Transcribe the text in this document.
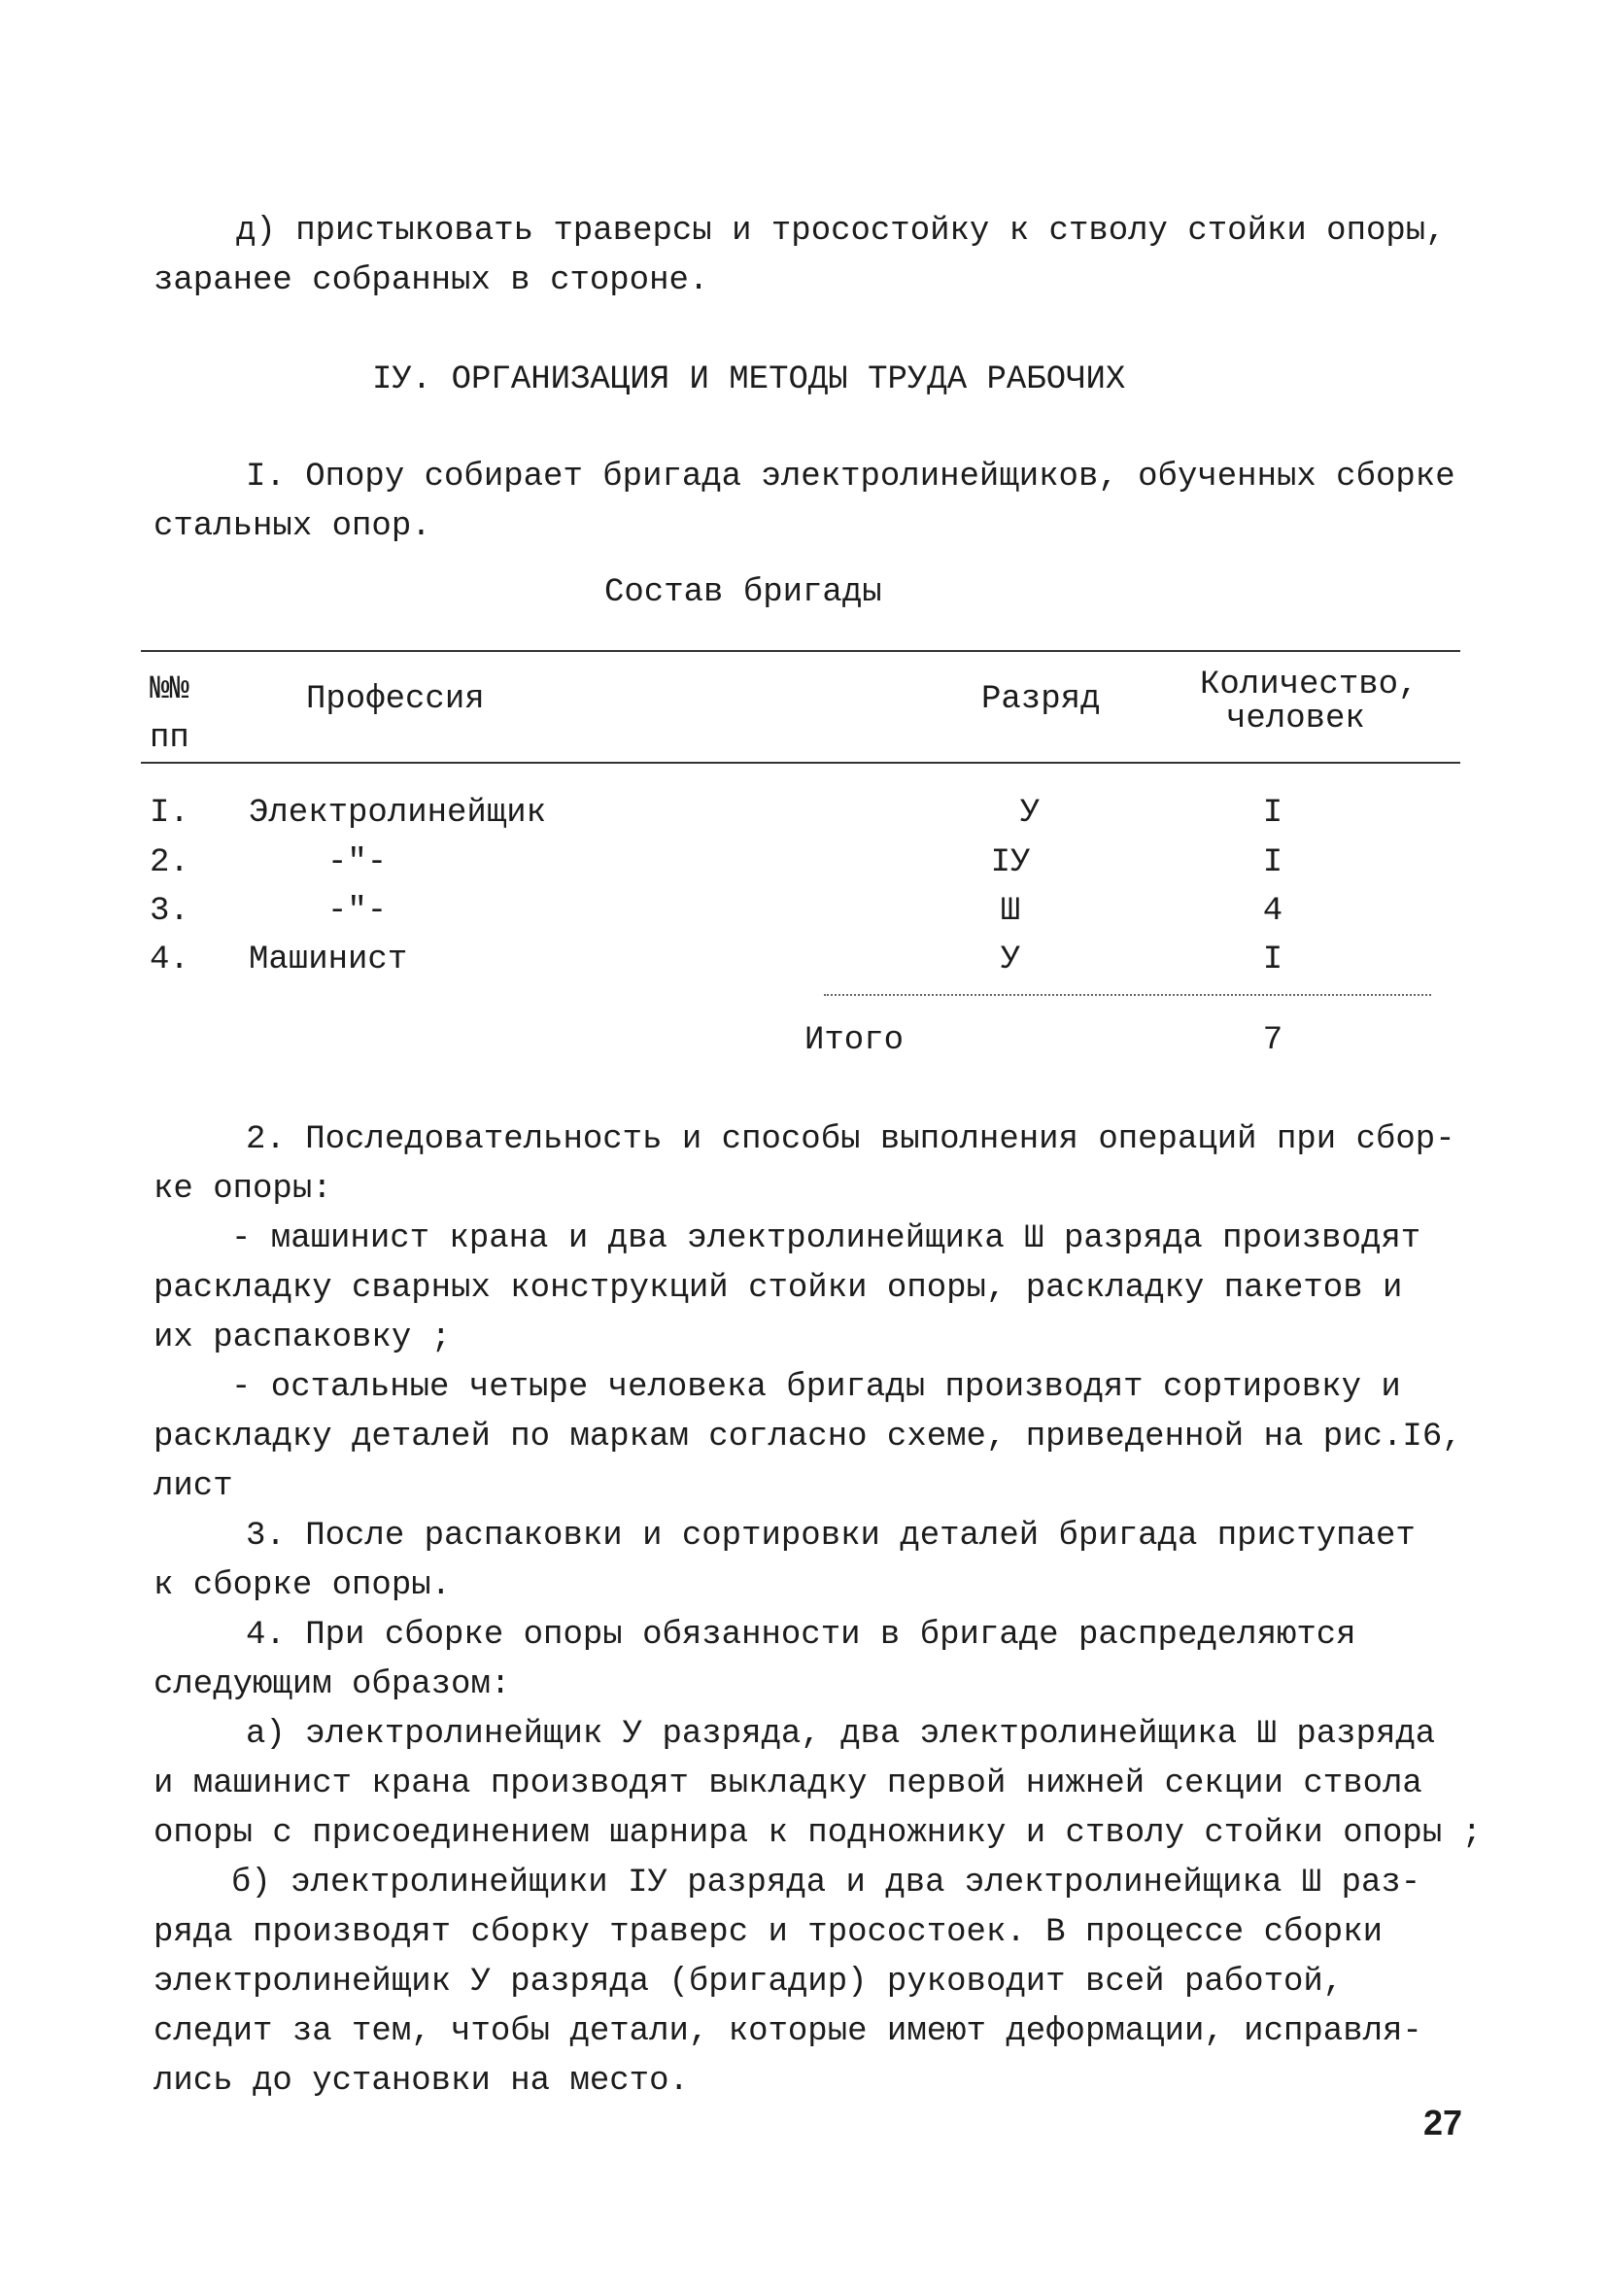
д) пристыковать траверсы и тросостойку к стволу стойки опоры,
заранее собранных в стороне.
IУ. ОРГАНИЗАЦИЯ И МЕТОДЫ ТРУДА РАБОЧИХ
I. Опору собирает бригада электролинейщиков, обученных сборке
стальных опор.
Состав бригады
№№
пп
Профессия	Разряд	Количество,
человек
I. Электролинейщик	У	I
2.	-"-	IУ	I
3.	-"-	Ш	4
4. Машинист	У	I
Итого	7
2. Последовательность и способы выполнения операций при сбор-
ке опоры:
- машинист крана и два электролинейщика Ш разряда производят
раскладку сварных конструкций стойки опоры, раскладку пакетов и
их распаковку ;
- остальные четыре человека бригады производят сортировку и
раскладку деталей по маркам согласно схеме, приведенной на рис.I6,
лист
3. После распаковки и сортировки деталей бригада приступает
к сборке опоры.
4. При сборке опоры обязанности в бригаде распределяются
следующим образом:
а) электролинейщик У разряда, два электролинейщика Ш разряда
и машинист крана производят выкладку первой нижней секции ствола
опоры с присоединением шарнира к подножнику и стволу стойки опоры ;
б) электролинейщики IУ разряда и два электролинейщика Ш раз-
ряда производят сборку траверс и тросостоек. В процессе сборки
электролинейщик У разряда (бригадир) руководит всей работой,
следит за тем, чтобы детали, которые имеют деформации, исправля-
лись до установки на место.
27
